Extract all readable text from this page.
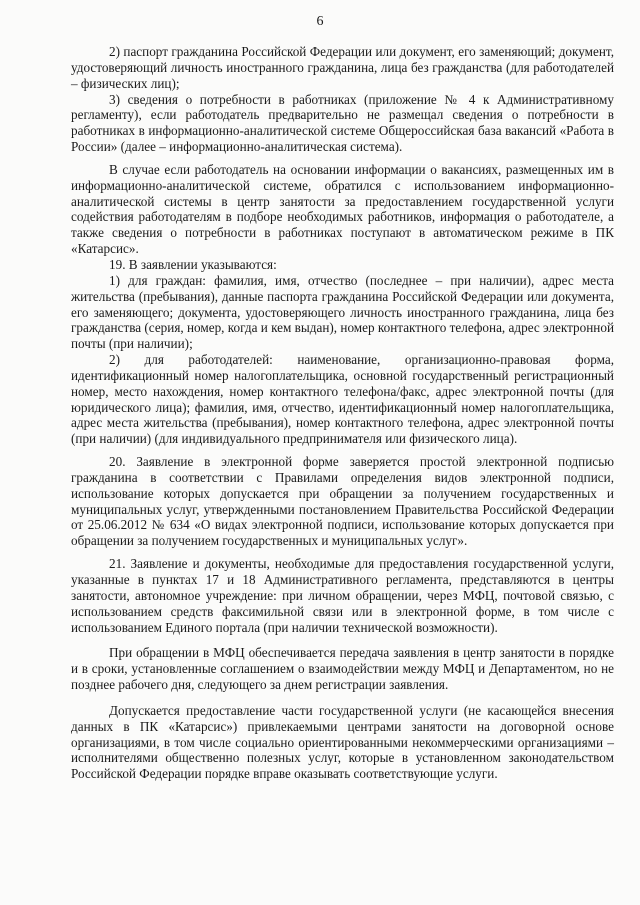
6

2) паспорт гражданина Российской Федерации или документ, его заменяющий; документ, удостоверяющий личность иностранного гражданина, лица без гражданства (для работодателей – физических лиц);

3) сведения о потребности в работниках (приложение № 4 к Административному регламенту), если работодатель предварительно не размещал сведения о потребности в работниках в информационно-аналитической системе Общероссийская база вакансий «Работа в России» (далее – информационно-аналитическая система).

В случае если работодатель на основании информации о вакансиях, размещенных им в информационно-аналитической системе, обратился с использованием информационно-аналитической системы в центр занятости за предоставлением государственной услуги содействия работодателям в подборе необходимых работников, информация о работодателе, а также сведения о потребности в работниках поступают в автоматическом режиме в ПК «Катарсис».

19. В заявлении указываются:

1) для граждан: фамилия, имя, отчество (последнее – при наличии), адрес места жительства (пребывания), данные паспорта гражданина Российской Федерации или документа, его заменяющего; документа, удостоверяющего личность иностранного гражданина, лица без гражданства (серия, номер, когда и кем выдан), номер контактного телефона, адрес электронной почты (при наличии);

2) для работодателей: наименование, организационно-правовая форма, идентификационный номер налогоплательщика, основной государственный регистрационный номер, место нахождения, номер контактного телефона/факс, адрес электронной почты (для юридического лица); фамилия, имя, отчество, идентификационный номер налогоплательщика, адрес места жительства (пребывания), номер контактного телефона, адрес электронной почты (при наличии) (для индивидуального предпринимателя или физического лица).

20. Заявление в электронной форме заверяется простой электронной подписью гражданина в соответствии с Правилами определения видов электронной подписи, использование которых допускается при обращении за получением государственных и муниципальных услуг, утвержденными постановлением Правительства Российской Федерации от 25.06.2012 № 634 «О видах электронной подписи, использование которых допускается при обращении за получением государственных и муниципальных услуг».

21. Заявление и документы, необходимые для предоставления государственной услуги, указанные в пунктах 17 и 18 Административного регламента, представляются в центры занятости, автономное учреждение: при личном обращении, через МФЦ, почтовой связью, с использованием средств факсимильной связи или в электронной форме, в том числе с использованием Единого портала (при наличии технической возможности).

При обращении в МФЦ обеспечивается передача заявления в центр занятости в порядке и в сроки, установленные соглашением о взаимодействии между МФЦ и Департаментом, но не позднее рабочего дня, следующего за днем регистрации заявления.

Допускается предоставление части государственной услуги (не касающейся внесения данных в ПК «Катарсис») привлекаемыми центрами занятости на договорной основе организациями, в том числе социально ориентированными некоммерческими организациями – исполнителями общественно полезных услуг, которые в установленном законодательством Российской Федерации порядке вправе оказывать соответствующие услуги.
